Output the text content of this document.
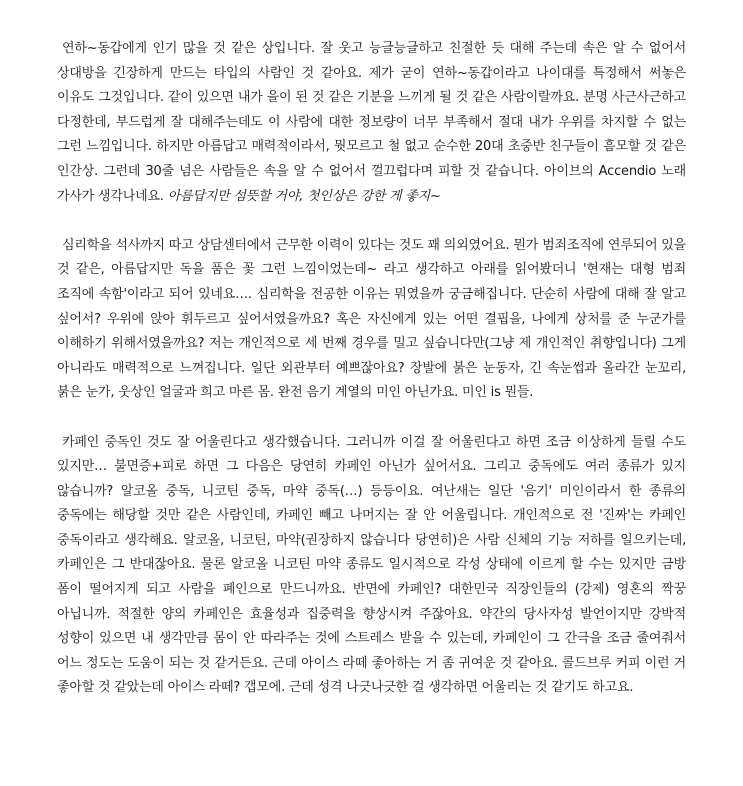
연하~동갑에게 인기 많을 것 같은 상입니다. 잘 웃고 능글능글하고 친절한 듯 대해 주는데 속은 알 수 없어서 상대방을 긴장하게 만드는 타입의 사람인 것 같아요. 제가 굳이 연하~동갑이라고 나이대를 특정해서 써놓은 이유도 그것입니다. 같이 있으면 내가 을이 된 것 같은 기분을 느끼게 될 것 같은 사람이랄까요. 분명 사근사근하고 다정한데, 부드럽게 잘 대해주는데도 이 사람에 대한 정보량이 너무 부족해서 절대 내가 우위를 차지할 수 없는 그런 느낌입니다. 하지만 아름답고 매력적이라서, 뭣모르고 철 없고 순수한 20대 초중반 친구들이 흠모할 것 같은 인간상. 그런데 30줄 넘은 사람들은 속을 알 수 없어서 껄끄럽다며 피할 것 같습니다. 아이브의 Accendio 노래 가사가 생각나네요. 아름답지만 섬뜻할 거야, 첫인상은 강한 게 좋지~

심리학을 석사까지 따고 상담센터에서 근무한 이력이 있다는 것도 꽤 의외였어요. 뭔가 범죄조직에 연루되어 있을 것 같은, 아름답지만 독을 품은 꽃 그런 느낌이었는데~ 라고 생각하고 아래를 읽어봤더니 '현재는 대형 범죄 조직에 속함'이라고 되어 있네요…. 심리학을 전공한 이유는 뭐였을까 궁금해집니다. 단순히 사람에 대해 잘 알고 싶어서? 우위에 앉아 휘두르고 싶어서였을까요? 혹은 자신에게 있는 어떤 결핍을, 나에게 상처를 준 누군가를 이해하기 위해서였을까요? 저는 개인적으로 세 번째 경우를 밀고 싶습니다만(그냥 제 개인적인 취향입니다) 그게 아니라도 매력적으로 느껴집니다. 일단 외관부터 예쁘잖아요? 장발에 붉은 눈동자, 긴 속눈썹과 올라간 눈꼬리, 붉은 눈가, 웃상인 얼굴과 희고 마른 몸. 완전 음기 계열의 미인 아닌가요. 미인 is 뭔들.

카페인 중독인 것도 잘 어울린다고 생각했습니다. 그러니까 이걸 잘 어울린다고 하면 조금 이상하게 들릴 수도 있지만… 불면증+피로 하면 그 다음은 당연히 카페인 아닌가 싶어서요. 그리고 중독에도 여러 종류가 있지 않습니까? 알코올 중독, 니코틴 중독, 마약 중독(…) 등등이요. 여난새는 일단 '음기' 미인이라서 한 종류의 중독에는 해당할 것만 같은 사람인데, 카페인 빼고 나머지는 잘 안 어울립니다. 개인적으로 전 '진짜'는 카페인 중독이라고 생각해요. 알코올, 니코틴, 마약(권장하지 않습니다 당연히)은 사람 신체의 기능 저하를 일으키는데, 카페인은 그 반대잖아요. 물론 알코올 니코틴 마약 종류도 일시적으로 각성 상태에 이르게 할 수는 있지만 금방 폼이 떨어지게 되고 사람을 폐인으로 만드니까요. 반면에 카페인? 대한민국 직장인들의 (강제) 영혼의 짝꿍 아닙니까. 적절한 양의 카페인은 효율성과 집중력을 향상시켜 주잖아요. 약간의 당사자성 발언이지만 강박적 성향이 있으면 내 생각만큼 몸이 안 따라주는 것에 스트레스 받을 수 있는데, 카페인이 그 간극을 조금 줄여줘서 어느 정도는 도움이 되는 것 같거든요. 근데 아이스 라떼 좋아하는 거 좀 귀여운 것 같아요. 콜드브루 커피 이런 거 좋아할 것 같았는데 아이스 라떼? 갭모에. 근데 성격 나긋나긋한 걸 생각하면 어울리는 것 같기도 하고요.
